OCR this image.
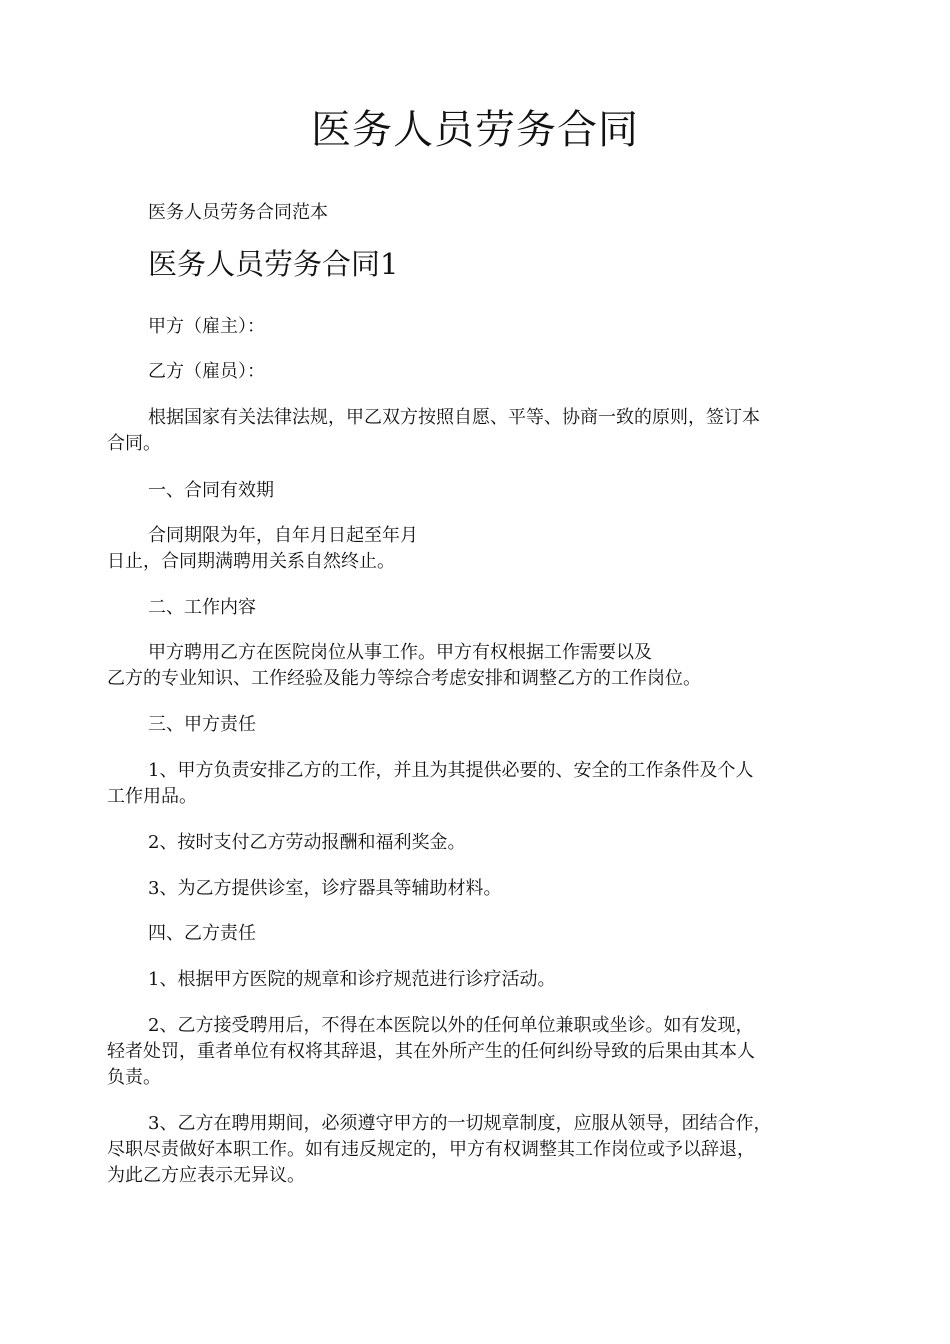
医务人员劳务合同

医务人员劳务合同范本

医务人员劳务合同1

甲方（雇主）：

乙方（雇员）：

根据国家有关法律法规，甲乙双方按照自愿、平等、协商一致的原则，签订本
合同。

一、合同有效期

合同期限为年，自年月日起至年月
日止，合同期满聘用关系自然终止。

二、工作内容

甲方聘用乙方在医院岗位从事工作。甲方有权根据工作需要以及
乙方的专业知识、工作经验及能力等综合考虑安排和调整乙方的工作岗位。

三、甲方责任

1、甲方负责安排乙方的工作，并且为其提供必要的、安全的工作条件及个人
工作用品。

2、按时支付乙方劳动报酬和福利奖金。

3、为乙方提供诊室，诊疗器具等辅助材料。

四、乙方责任

1、根据甲方医院的规章和诊疗规范进行诊疗活动。

2、乙方接受聘用后，不得在本医院以外的任何单位兼职或坐诊。如有发现，
轻者处罚，重者单位有权将其辞退，其在外所产生的任何纠纷导致的后果由其本人
负责。

3、乙方在聘用期间，必须遵守甲方的一切规章制度，应服从领导，团结合作，
尽职尽责做好本职工作。如有违反规定的，甲方有权调整其工作岗位或予以辞退，
为此乙方应表示无异议。
